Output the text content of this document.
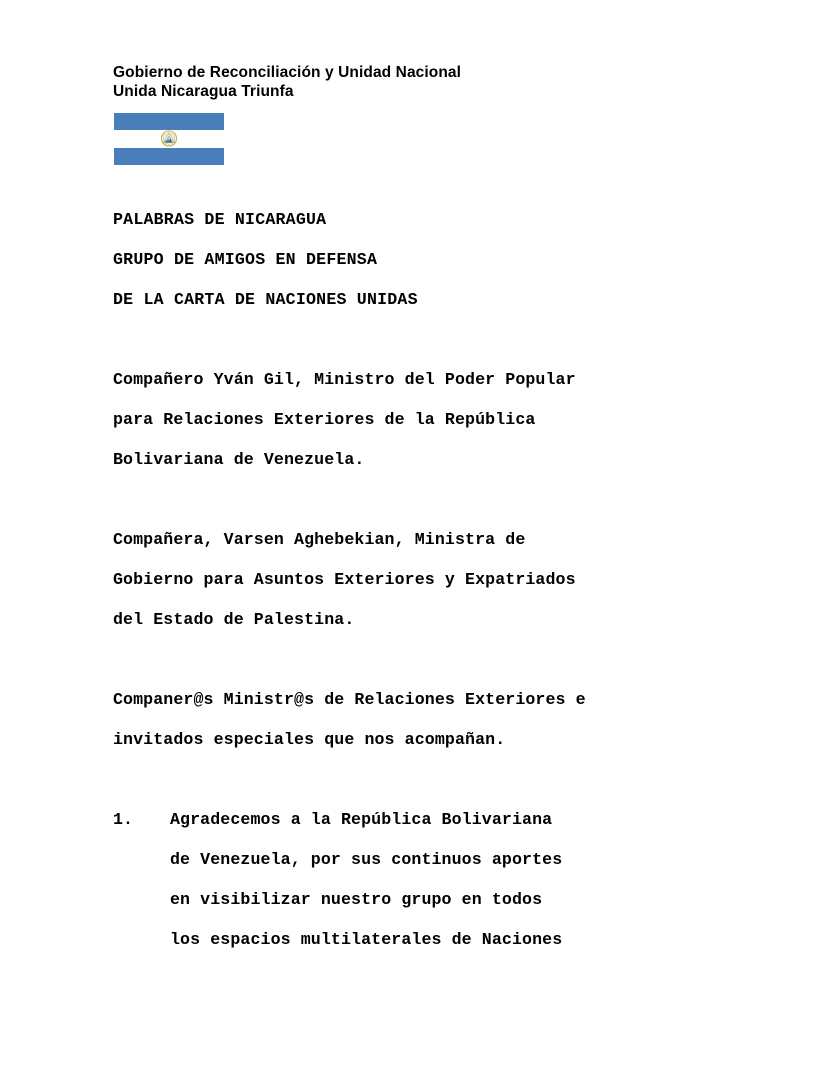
Gobierno de Reconciliación y Unidad Nacional
Unida Nicaragua Triunfa
PALABRAS DE NICARAGUA
GRUPO DE AMIGOS EN DEFENSA
DE LA CARTA DE NACIONES UNIDAS
Compañero Yván Gil, Ministro del Poder Popular
para Relaciones Exteriores de la República
Bolivariana de Venezuela.
Compañera, Varsen Aghebekian, Ministra de
Gobierno para Asuntos Exteriores y Expatriados
del Estado de Palestina.
Companer@s Ministr@s de Relaciones Exteriores e
invitados especiales que nos acompañan.
1. Agradecemos a la República Bolivariana
de Venezuela, por sus continuos aportes
en visibilizar nuestro grupo en todos
los espacios multilaterales de Naciones
